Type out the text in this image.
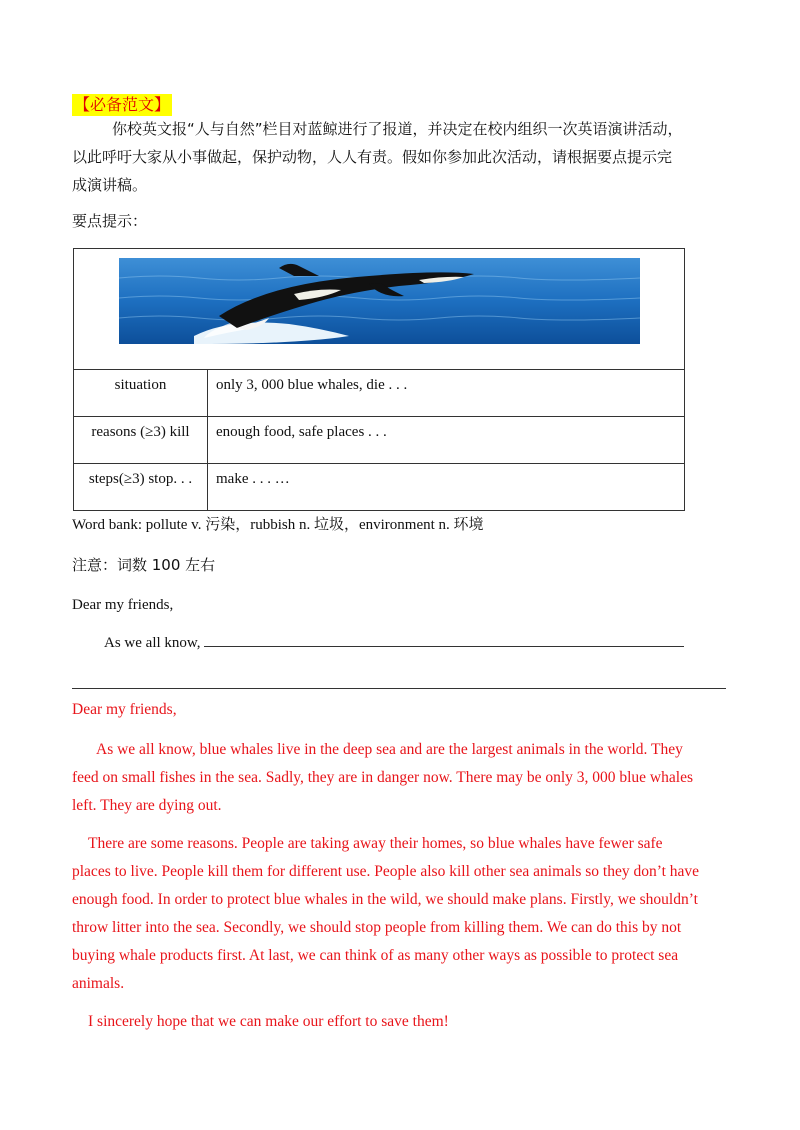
【必备范文】
你校英文报“人与自然”栏目对蓝鲸进行了报道，并决定在校内组织一次英语演讲活动，
以此呼吁大家从小事做起，保护动物，人人有责。假如你参加此次活动，请根据要点提示完
成演讲稿。
要点提示：

situation	only 3, 000 blue whales, die . . .
reasons (≥3) kill	enough food, safe places . . .
steps(≥3) stop. . .	make . . . …
Word bank: pollute v. 污染，rubbish n. 垃圾，environment n. 环境
注意：词数 100 左右
Dear my friends,
As we all know,
Dear my friends,
As we all know, blue whales live in the deep sea and are the largest animals in the world. They
feed on small fishes in the sea. Sadly, they are in danger now. There may be only 3, 000 blue whales
left. They are dying out.
There are some reasons. People are taking away their homes, so blue whales have fewer safe
places to live. People kill them for different use. People also kill other sea animals so they don’t have
enough food. In order to protect blue whales in the wild, we should make plans. Firstly, we shouldn’t
throw litter into the sea. Secondly, we should stop people from killing them. We can do this by not
buying whale products first. At last, we can think of as many other ways as possible to protect sea
animals.
I sincerely hope that we can make our effort to save them!
